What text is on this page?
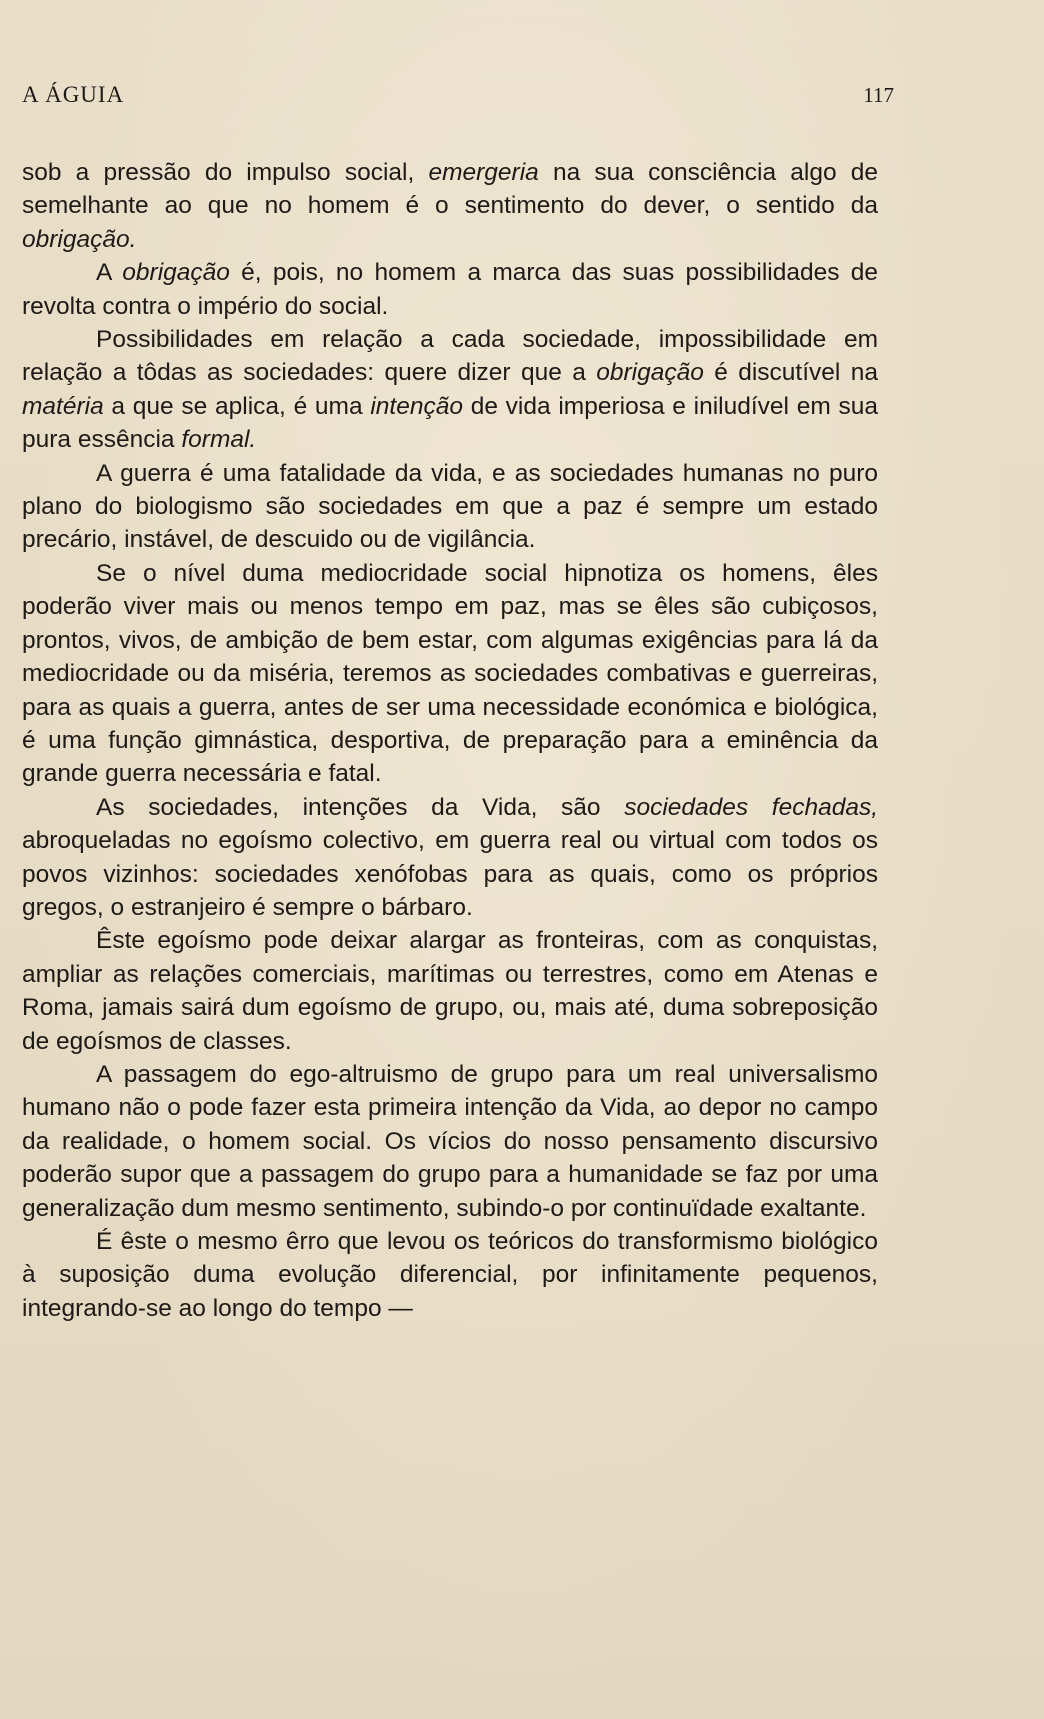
A ÁGUIA	117

sob a pressão do impulso social, emergeria na sua consciência algo de semelhante ao que no homem é o sentimento do dever, o sentido da obrigação.

A obrigação é, pois, no homem a marca das suas possibilidades de revolta contra o império do social.

Possibilidades em relação a cada sociedade, impossibilidade em relação a tôdas as sociedades: quere dizer que a obrigação é discutível na matéria a que se aplica, é uma intenção de vida imperiosa e iniludível em sua pura essência formal.

A guerra é uma fatalidade da vida, e as sociedades humanas no puro plano do biologismo são sociedades em que a paz é sempre um estado precário, instável, de descuido ou de vigilância.

Se o nível duma mediocridade social hipnotiza os homens, êles poderão viver mais ou menos tempo em paz, mas se êles são cubiçosos, prontos, vivos, de ambição de bem estar, com algumas exigências para lá da mediocridade ou da miséria, teremos as sociedades combativas e guerreiras, para as quais a guerra, antes de ser uma necessidade económica e biológica, é uma função gimnástica, desportiva, de preparação para a eminência da grande guerra necessária e fatal.

As sociedades, intenções da Vida, são sociedades fechadas, abroqueladas no egoísmo colectivo, em guerra real ou virtual com todos os povos vizinhos: sociedades xenófobas para as quais, como os próprios gregos, o estranjeiro é sempre o bárbaro.

Êste egoísmo pode deixar alargar as fronteiras, com as conquistas, ampliar as relações comerciais, marítimas ou terrestres, como em Atenas e Roma, jamais sairá dum egoísmo de grupo, ou, mais até, duma sobreposição de egoísmos de classes.

A passagem do ego-altruismo de grupo para um real universalismo humano não o pode fazer esta primeira intenção da Vida, ao depor no campo da realidade, o homem social. Os vícios do nosso pensamento discursivo poderão supor que a passagem do grupo para a humanidade se faz por uma generalização dum mesmo sentimento, subindo-o por continuïdade exaltante.

É êste o mesmo êrro que levou os teóricos do transformismo biológico à suposição duma evolução diferencial, por infinitamente pequenos, integrando-se ao longo do tempo —
